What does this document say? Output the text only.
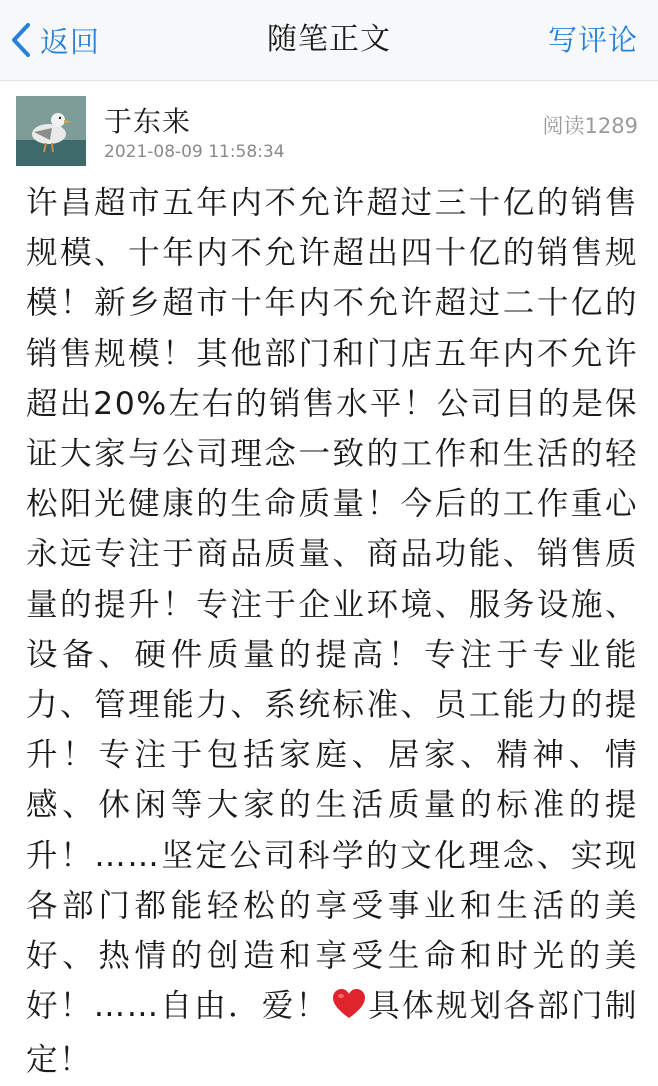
返回	随笔正文	写评论
于东来
2021-08-09 11:58:34
阅读1289
许昌超市五年内不允许超过三十亿的销售规模、十年内不允许超出四十亿的销售规模！新乡超市十年内不允许超过二十亿的销售规模！其他部门和门店五年内不允许超出20%左右的销售水平！公司目的是保证大家与公司理念一致的工作和生活的轻松阳光健康的生命质量！今后的工作重心永远专注于商品质量、商品功能、销售质量的提升！专注于企业环境、服务设施、设备、硬件质量的提高！专注于专业能力、管理能力、系统标准、员工能力的提升！专注于包括家庭、居家、精神、情感、休闲等大家的生活质量的标准的提升！……坚定公司科学的文化理念、实现各部门都能轻松的享受事业和生活的美好、热情的创造和享受生命和时光的美好！……自由．爱！ 具体规划各部门制定！
